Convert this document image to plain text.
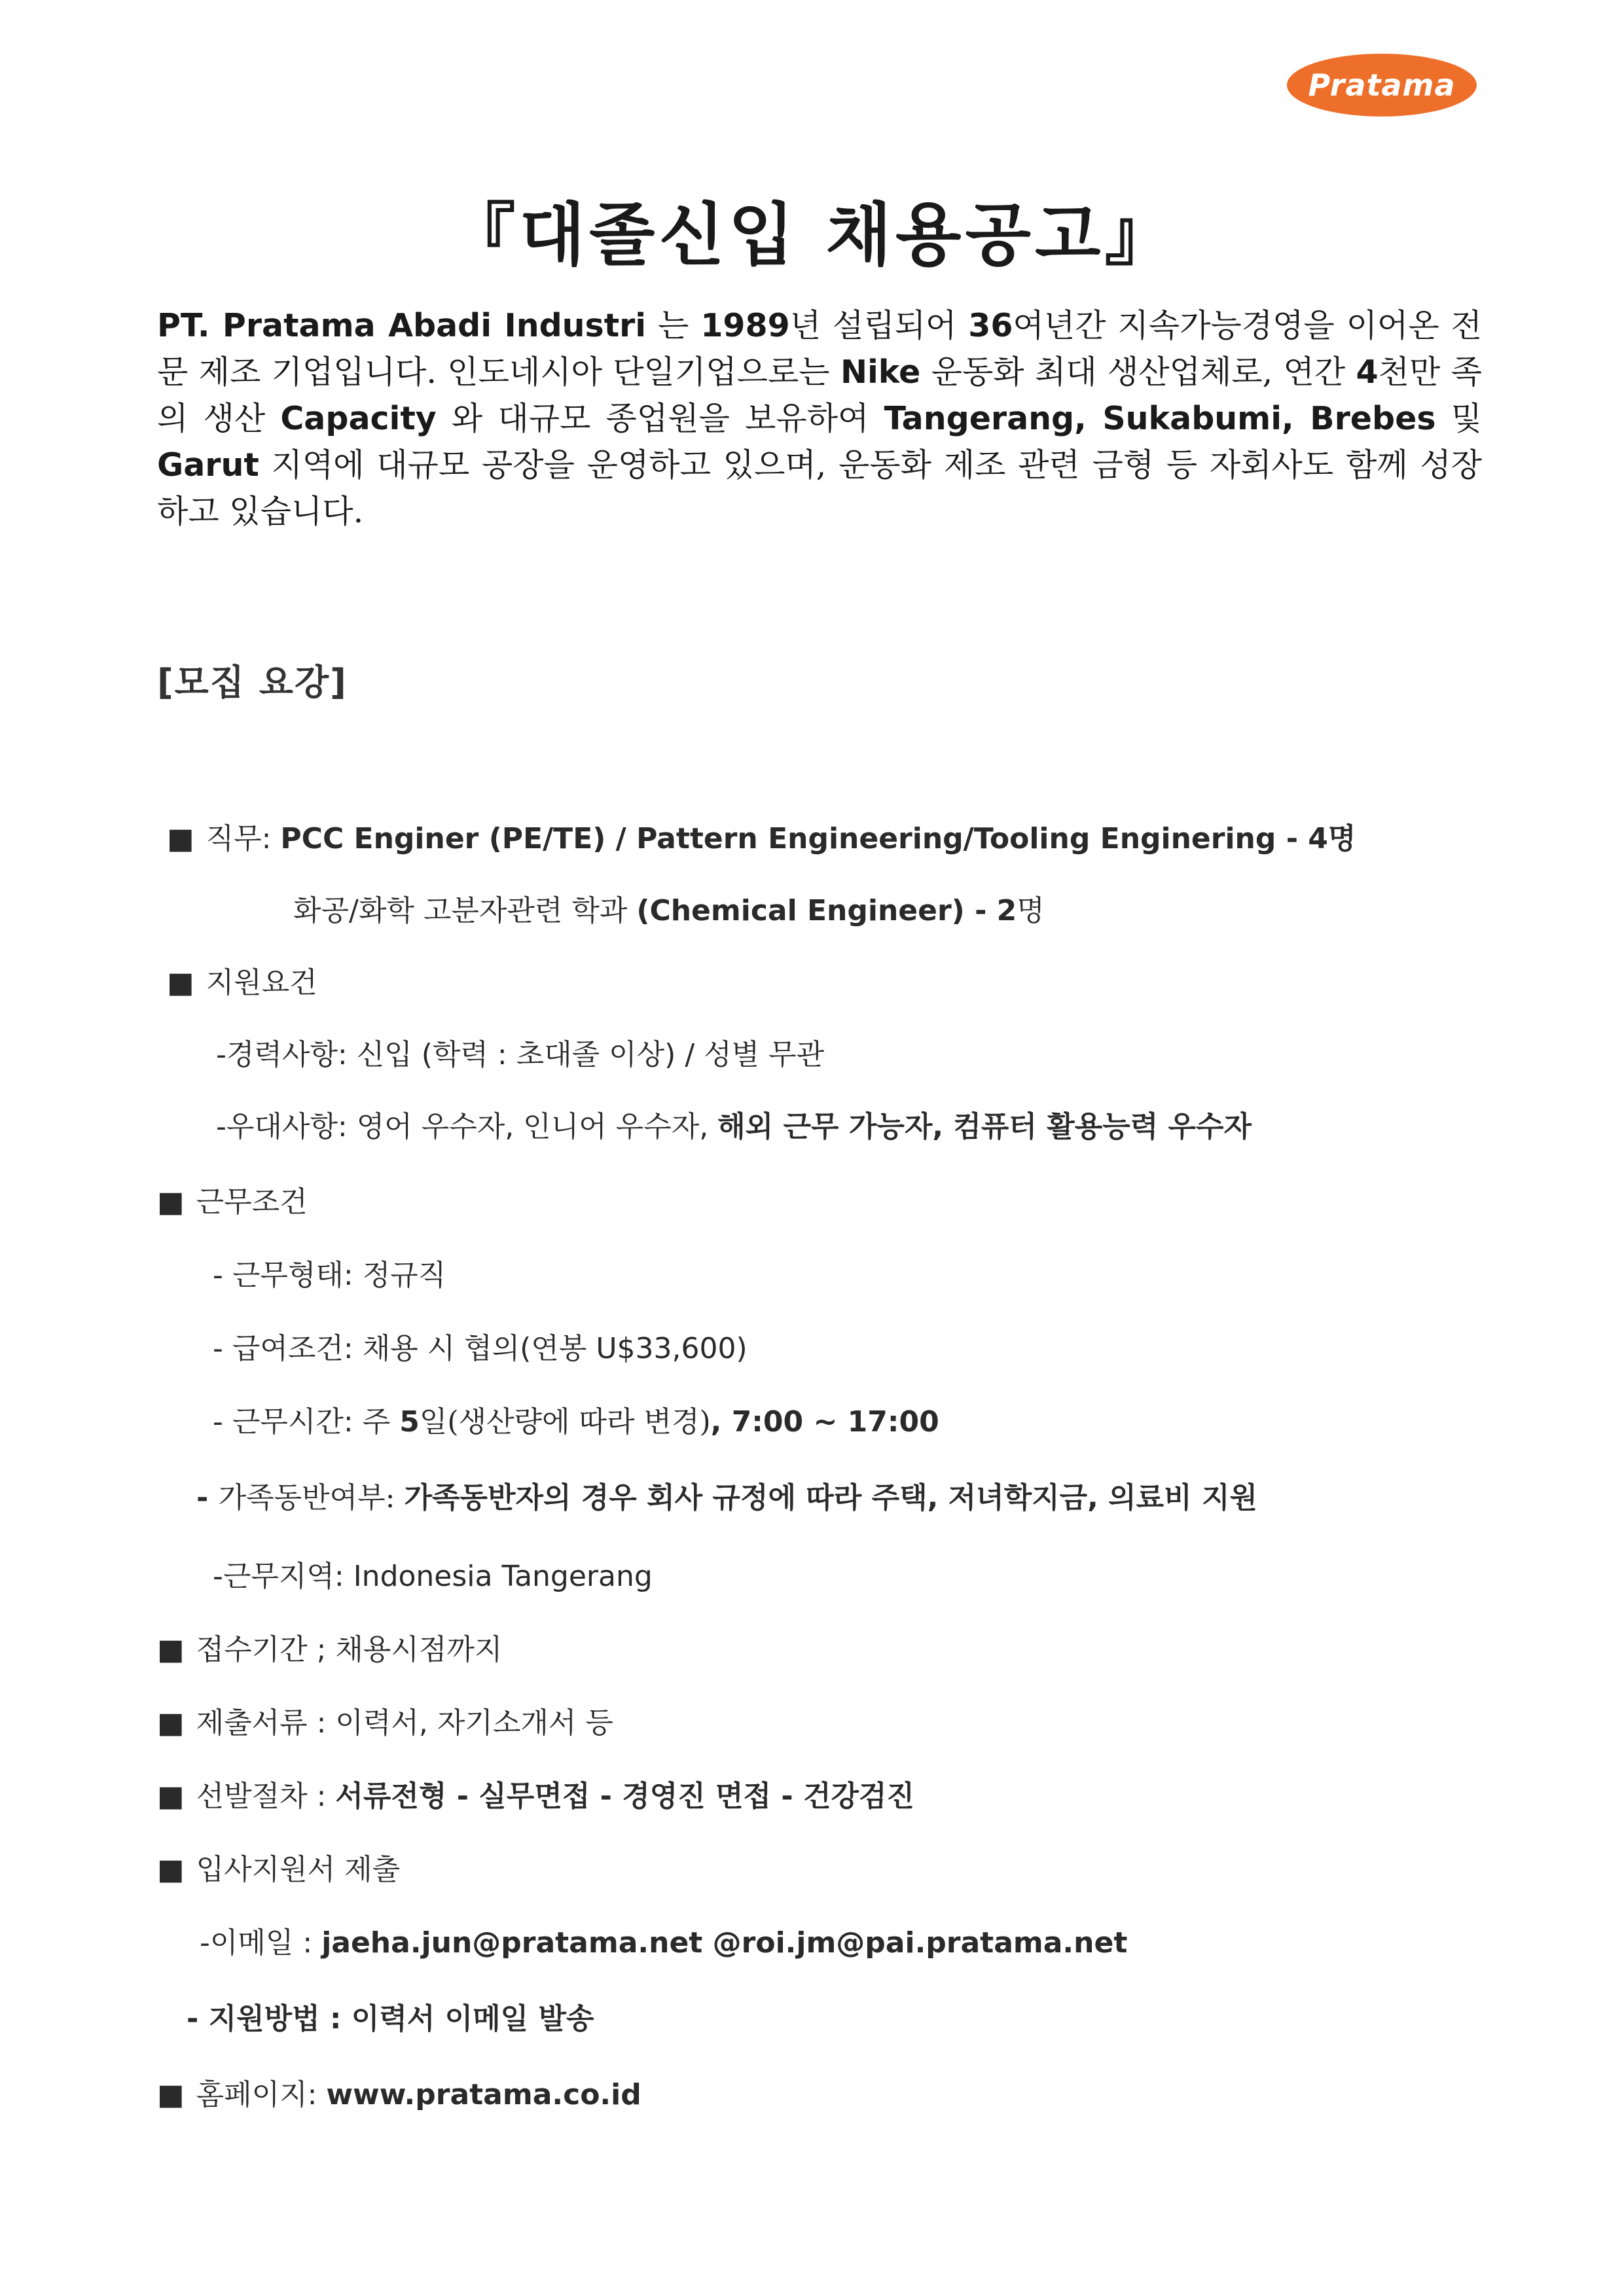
Pratama
『대졸신입 채용공고』
PT. Pratama Abadi Industri 는 1989년 설립되어 36여년간 지속가능경영을 이어온 전문 제조 기업입니다. 인도네시아 단일기업으로는 Nike 운동화 최대 생산업체로, 연간 4천만 족의 생산 Capacity 와 대규모 종업원을 보유하여 Tangerang, Sukabumi, Brebes 및 Garut 지역에 대규모 공장을 운영하고 있으며, 운동화 제조 관련 금형 등 자회사도 함께 성장하고 있습니다.
[모집 요강]
■ 직무: PCC Enginer (PE/TE) / Pattern Engineering/Tooling Enginering - 4명
화공/화학 고분자관련 학과 (Chemical Engineer) - 2명
■ 지원요건
-경력사항: 신입 (학력 : 초대졸 이상) / 성별 무관
-우대사항: 영어 우수자, 인니어 우수자, 해외 근무 가능자, 컴퓨터 활용능력 우수자
■ 근무조건
- 근무형태: 정규직
- 급여조건: 채용 시 협의(연봉 U$33,600)
- 근무시간: 주 5일(생산량에 따라 변경), 7:00 ~ 17:00
- 가족동반여부: 가족동반자의 경우 회사 규정에 따라 주택, 저녀학지금, 의료비 지원
-근무지역: Indonesia Tangerang
■ 접수기간 ; 채용시점까지
■ 제출서류 : 이력서, 자기소개서 등
■ 선발절차 : 서류전형 - 실무면접 - 경영진 면접 - 건강검진
■ 입사지원서 제출
-이메일 : jaeha.jun@pratama.net @roi.jm@pai.pratama.net
- 지원방법 : 이력서 이메일 발송
■ 홈페이지: www.pratama.co.id
